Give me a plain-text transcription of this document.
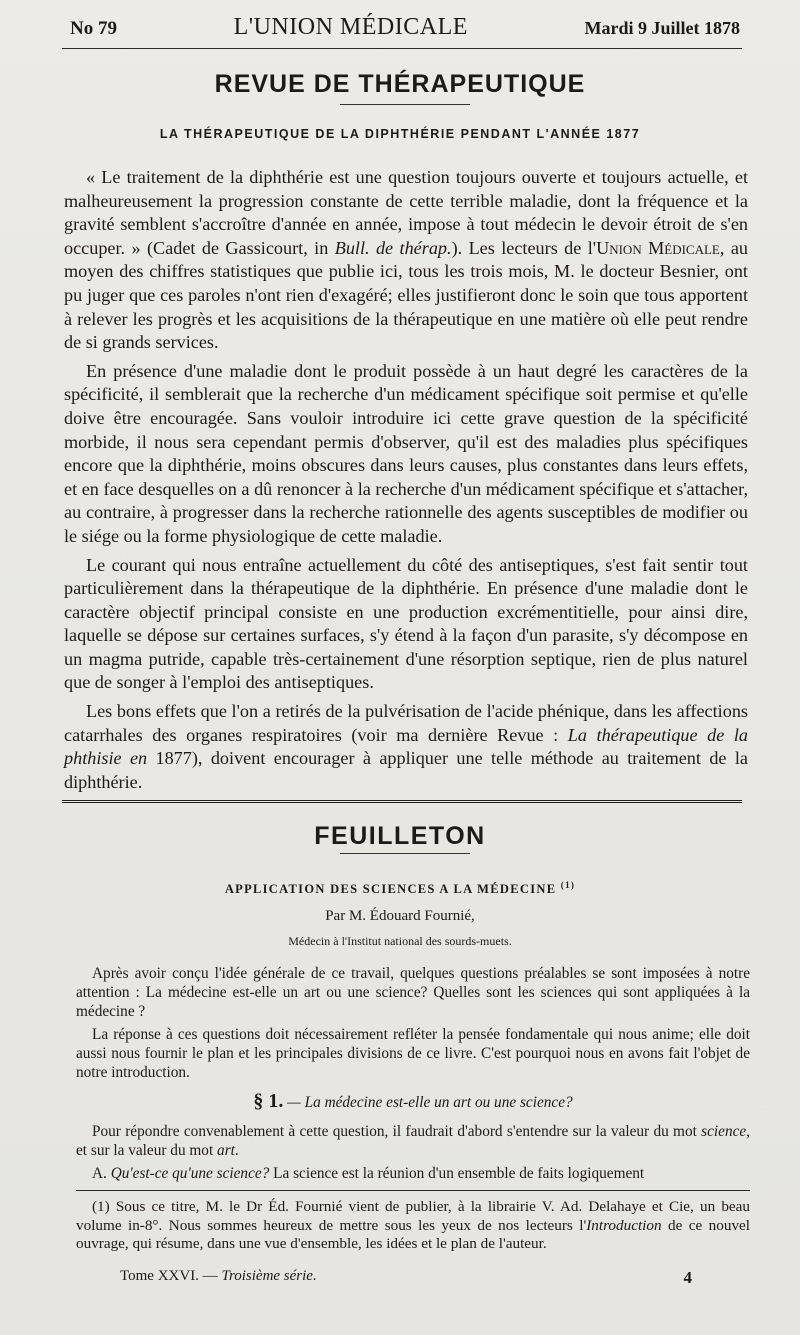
No 79	L'UNION MÉDICALE	Mardi 9 Juillet 1878
REVUE DE THÉRAPEUTIQUE
LA THÉRAPEUTIQUE DE LA DIPHTHÉRIE PENDANT L'ANNÉE 1877

« Le traitement de la diphthérie est une question toujours ouverte et toujours actuelle, et malheureusement la progression constante de cette terrible maladie, dont la fréquence et la gravité semblent s'accroître d'année en année, impose à tout médecin le devoir étroit de s'en occuper. » (Cadet de Gassicourt, in Bull. de thérap.). Les lecteurs de l'Union Médicale, au moyen des chiffres statistiques que publie ici, tous les trois mois, M. le docteur Besnier, ont pu juger que ces paroles n'ont rien d'exagéré; elles justifieront donc le soin que tous apportent à relever les progrès et les acquisitions de la thérapeutique en une matière où elle peut rendre de si grands services.

En présence d'une maladie dont le produit possède à un haut degré les caractères de la spécificité, il semblerait que la recherche d'un médicament spécifique soit permise et qu'elle doive être encouragée. Sans vouloir introduire ici cette grave question de la spécificité morbide, il nous sera cependant permis d'observer, qu'il est des maladies plus spécifiques encore que la diphthérie, moins obscures dans leurs causes, plus constantes dans leurs effets, et en face desquelles on a dû renoncer à la recherche d'un médicament spécifique et s'attacher, au contraire, à progresser dans la recherche rationnelle des agents susceptibles de modifier ou le siége ou la forme physiologique de cette maladie.

Le courant qui nous entraîne actuellement du côté des antiseptiques, s'est fait sentir tout particulièrement dans la thérapeutique de la diphthérie. En présence d'une maladie dont le caractère objectif principal consiste en une production excrémentitielle, pour ainsi dire, laquelle se dépose sur certaines surfaces, s'y étend à la façon d'un parasite, s'y décompose en un magma putride, capable très-certainement d'une résorption septique, rien de plus naturel que de songer à l'emploi des antiseptiques.

Les bons effets que l'on a retirés de la pulvérisation de l'acide phénique, dans les affections catarrhales des organes respiratoires (voir ma dernière Revue : La thérapeutique de la phthisie en 1877), doivent encourager à appliquer une telle méthode au traitement de la diphthérie.

FEUILLETON
APPLICATION DES SCIENCES A LA MÉDECINE $^{(1)}$
Par M. Édouard Fournié,
Médecin à l'Institut national des sourds-muets.

Après avoir conçu l'idée générale de ce travail, quelques questions préalables se sont imposées à notre attention : La médecine est-elle un art ou une science? Quelles sont les sciences qui sont appliquées à la médecine ?

La réponse à ces questions doit nécessairement refléter la pensée fondamentale qui nous anime; elle doit aussi nous fournir le plan et les principales divisions de ce livre. C'est pourquoi nous en avons fait l'objet de notre introduction.

§ 1. — La médecine est-elle un art ou une science?

Pour répondre convenablement à cette question, il faudrait d'abord s'entendre sur la valeur du mot science, et sur la valeur du mot art.

A. Qu'est-ce qu'une science? La science est la réunion d'un ensemble de faits logiquement

(1) Sous ce titre, M. le Dr Éd. Fournié vient de publier, à la librairie V. Ad. Delahaye et Cie, un beau volume in-8°. Nous sommes heureux de mettre sous les yeux de nos lecteurs l'Introduction de ce nouvel ouvrage, qui résume, dans une vue d'ensemble, les idées et le plan de l'auteur.

Tome XXVI. — Troisième série.	4
